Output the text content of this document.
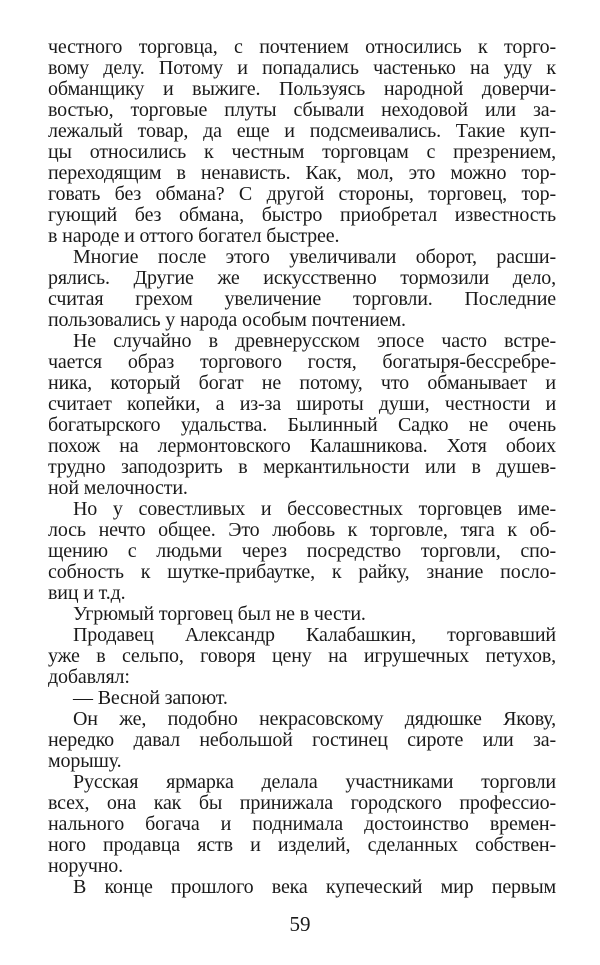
честного торговца, с почтением относились к торго-
вому делу. Потому и попадались частенько на уду к
обманщику и выжиге. Пользуясь народной доверчи-
востью, торговые плуты сбывали неходовой или за-
лежалый товар, да еще и подсмеивались. Такие куп-
цы относились к честным торговцам с презрением,
переходящим в ненависть. Как, мол, это можно тор-
говать без обмана? С другой стороны, торговец, тор-
гующий без обмана, быстро приобретал известность
в народе и оттого богател быстрее.
Многие после этого увеличивали оборот, расши-
рялись. Другие же искусственно тормозили дело,
считая грехом увеличение торговли. Последние
пользовались у народа особым почтением.
Не случайно в древнерусском эпосе часто встре-
чается образ торгового гостя, богатыря-бессребре-
ника, который богат не потому, что обманывает и
считает копейки, а из-за широты души, честности и
богатырского удальства. Былинный Садко не очень
похож на лермонтовского Калашникова. Хотя обоих
трудно заподозрить в меркантильности или в душев-
ной мелочности.
Но у совестливых и бессовестных торговцев име-
лось нечто общее. Это любовь к торговле, тяга к об-
щению с людьми через посредство торговли, спо-
собность к шутке-прибаутке, к райку, знание посло-
виц и т.д.
Угрюмый торговец был не в чести.
Продавец Александр Калабашкин, торговавший
уже в сельпо, говоря цену на игрушечных петухов,
добавлял:
— Весной запоют.
Он же, подобно некрасовскому дядюшке Якову,
нередко давал небольшой гостинец сироте или за-
морышу.
Русская ярмарка делала участниками торговли
всех, она как бы принижала городского профессио-
нального богача и поднимала достоинство времен-
ного продавца яств и изделий, сделанных собствен-
норучно.
В конце прошлого века купеческий мир первым
59
